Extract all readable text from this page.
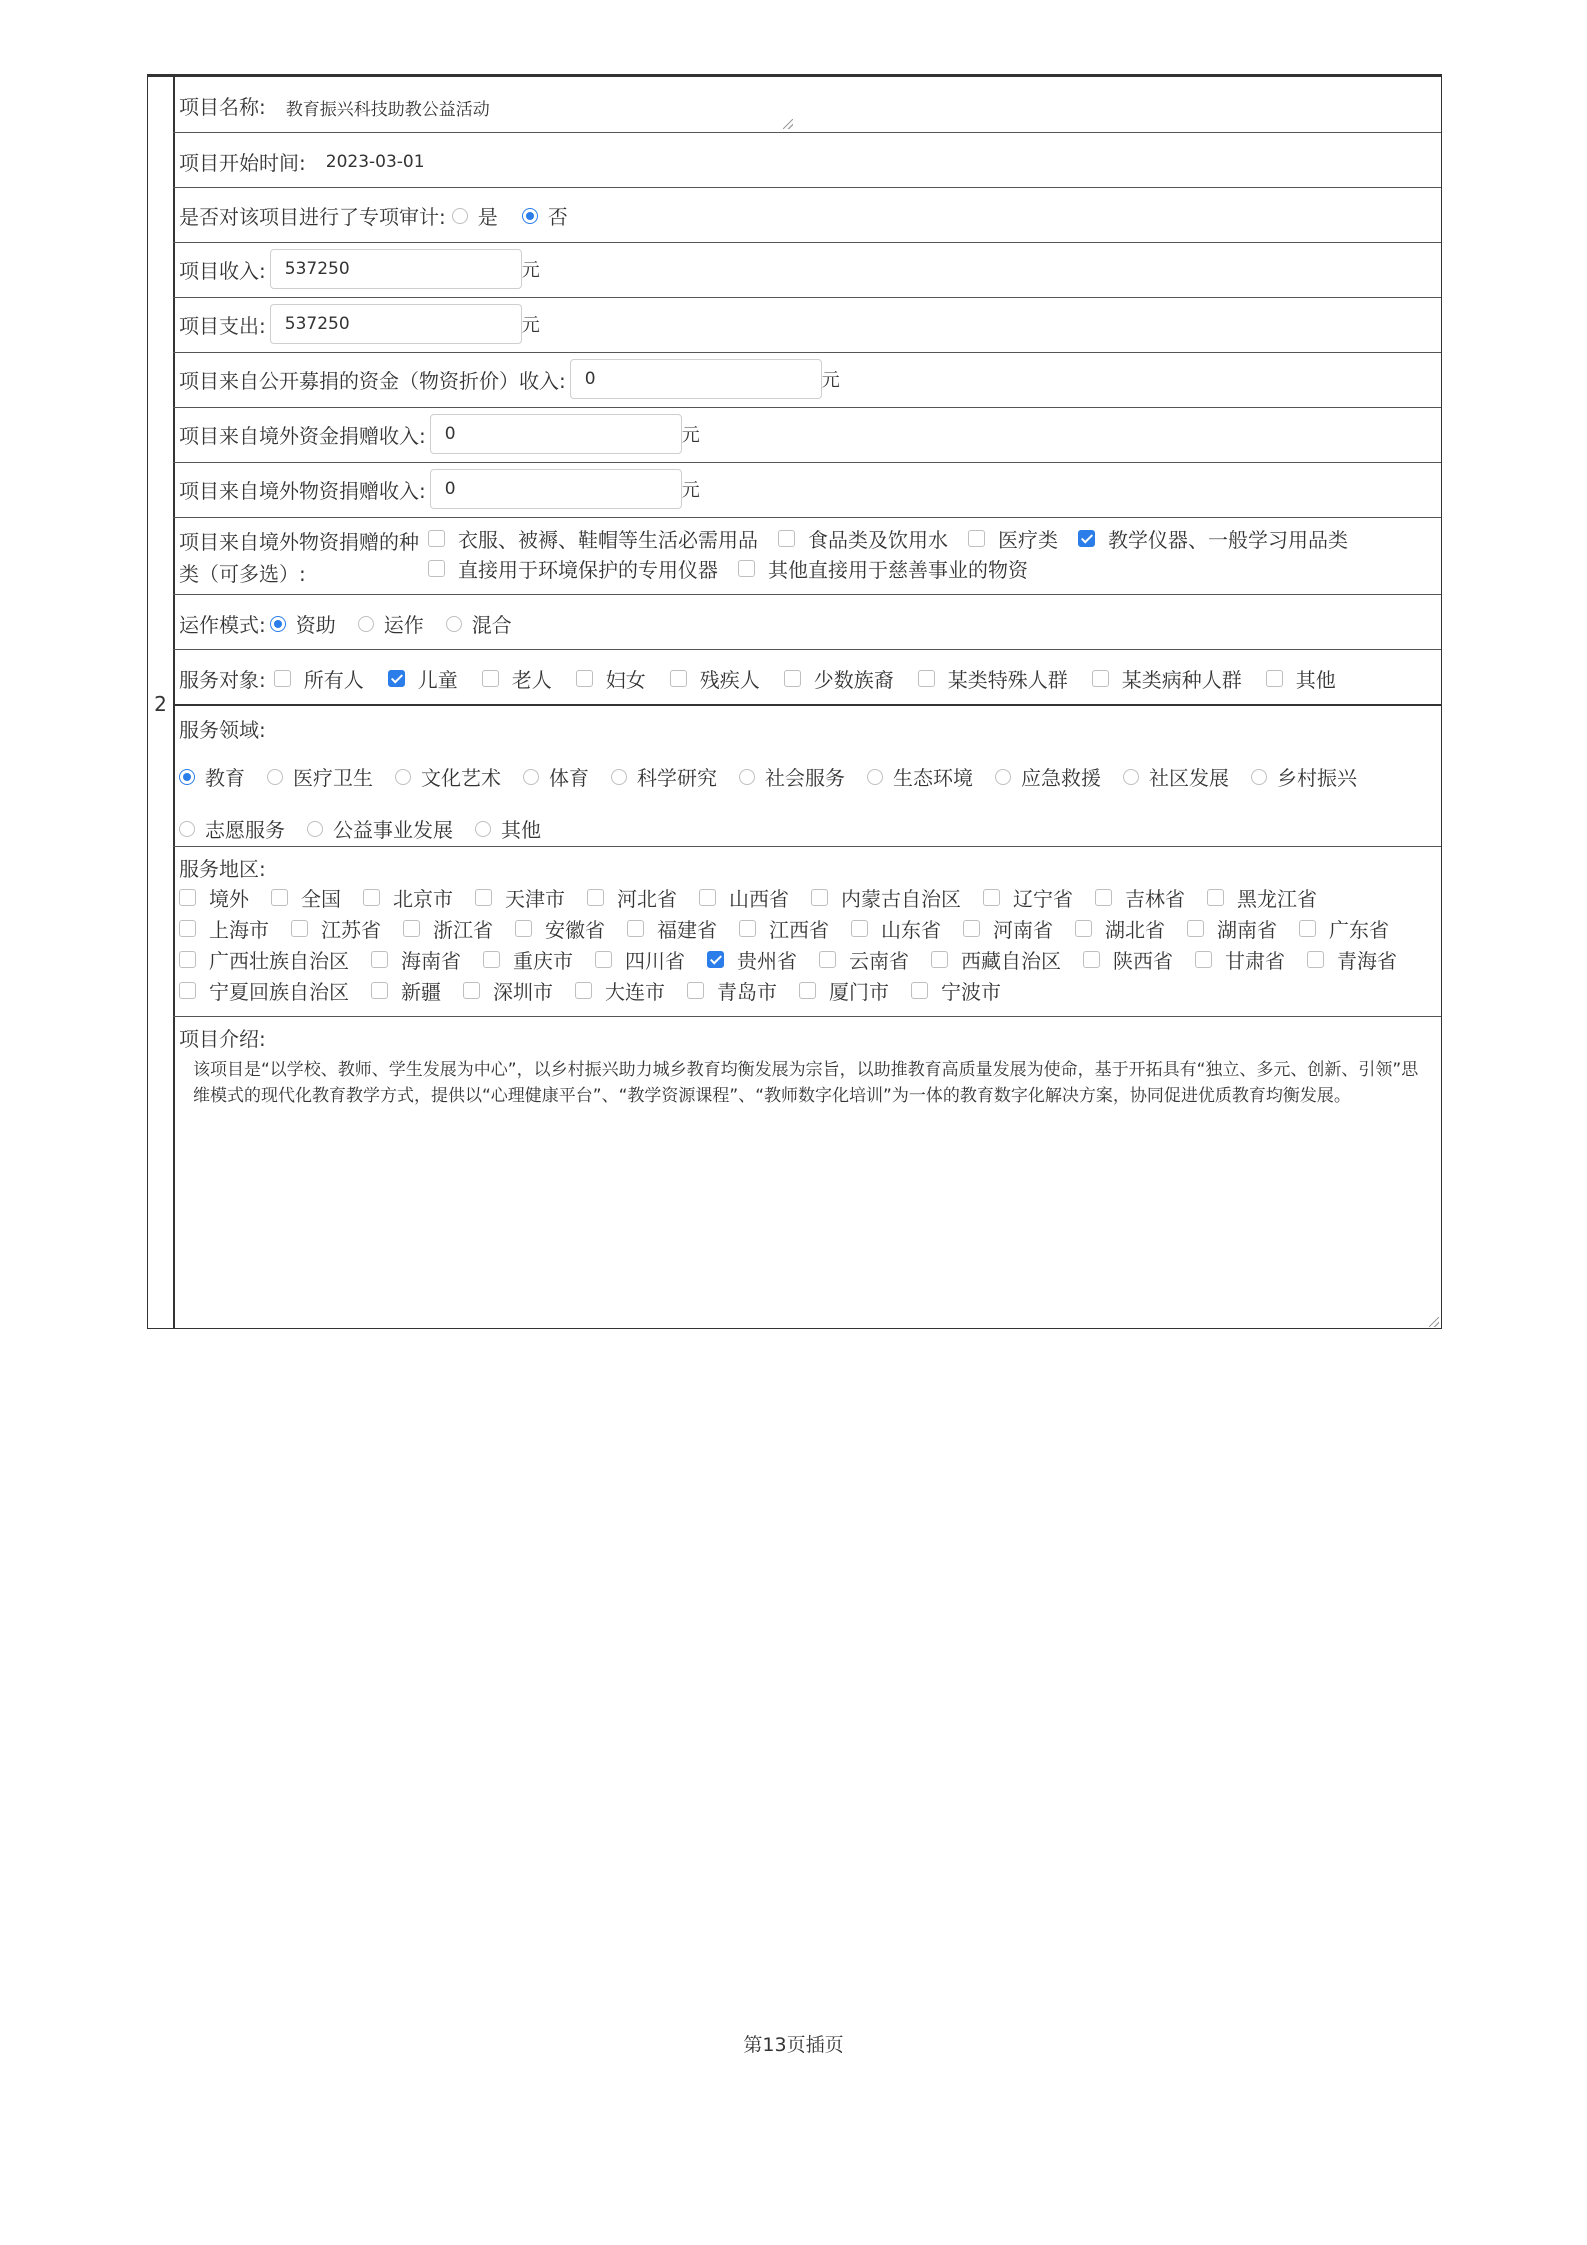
2
项目名称: 教育振兴科技助教公益活动
项目开始时间: 2023-03-01
是否对该项目进行了专项审计: 是	否
项目收入:	537250	元
项目支出:	537250	元
项目来自公开募捐的资金（物资折价）收入:	0	元
项目来自境外资金捐赠收入:	0	元
项目来自境外物资捐赠收入:	0	元
项目来自境外物资捐赠的种
类（可多选）:
衣服、被褥、鞋帽等生活必需用品	食品类及饮用水	医疗类	教学仪器、一般学习用品类
直接用于环境保护的专用仪器	其他直接用于慈善事业的物资
运作模式: 资助 运作 混合
服务对象: 所有人	儿童	老人	妇女	残疾人	少数族裔	某类特殊人群	某类病种人群	其他
服务领域:
教育 医疗卫生 文化艺术 体育 科学研究 社会服务 生态环境 应急救援 社区发展 乡村振兴
志愿服务 公益事业发展 其他
服务地区:
境外	全国	北京市	天津市	河北省	山西省	内蒙古自治区	辽宁省	吉林省	黑龙江省
上海市	江苏省	浙江省	安徽省	福建省	江西省	山东省	河南省	湖北省	湖南省	广东省
广西壮族自治区	海南省	重庆市	四川省	贵州省	云南省	西藏自治区	陕西省	甘肃省	青海省
宁夏回族自治区	新疆	深圳市	大连市	青岛市	厦门市	宁波市
项目介绍:
该项目是“以学校、教师、学生发展为中心”，以乡村振兴助力城乡教育均衡发展为宗旨，以助推教育高质量发展为使命，基于开拓具有“独立、多元、创新、引领”思维模式的现代化教育教学方式，提供以“心理健康平台”、“教学资源课程”、“教师数字化培训”为一体的教育数字化解决方案，协同促进优质教育均衡发展。
第13页插页
